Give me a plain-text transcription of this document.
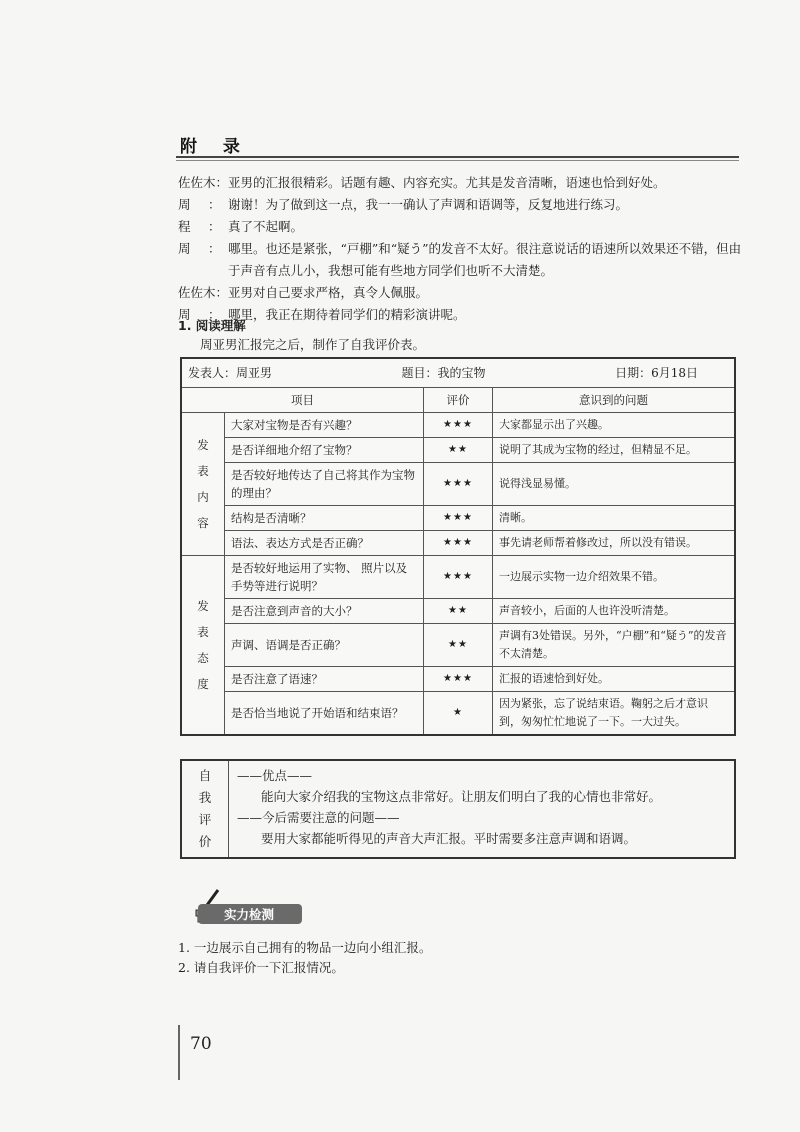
附 录
佐佐木 ： 亚男的汇报很精彩。话题有趣、内容充实。尤其是发音清晰，语速也恰到好处。
周	： 谢谢！为了做到这一点，我一一确认了声调和语调等，反复地进行练习。
程	： 真了不起啊。
周	： 哪里。也还是紧张，“戸棚”和“疑う”的发音不太好。很注意说话的语速所以效果还不错，但由于声音有点儿小，我想可能有些地方同学们也听不大清楚。
佐佐木 ： 亚男对自己要求严格，真令人佩服。
周	： 哪里，我正在期待着同学们的精彩演讲呢。
1. 阅读理解
周亚男汇报完之后，制作了自我评价表。
发表人：周亚男 题目：我的宝物 日期：6月18日			

项目		评价	意识到的问题

发
表
内
容	大家对宝物是否有兴趣？	★★★	大家都显示出了兴趣。
	是否详细地介绍了宝物？	★★	说明了其成为宝物的经过，但精显不足。
	是否较好地传达了自己将其作为宝物的理由？	★★★	说得浅显易懂。
	结构是否清晰？	★★★	清晰。
	语法、表达方式是否正确？	★★★	事先请老师帮着修改过，所以没有错误。

发
表
态
度	是否较好地运用了实物、 照片以及手势等进行说明？	★★★	一边展示实物一边介绍效果不错。
	是否注意到声音的大小？	★★	声音较小，后面的人也许没听清楚。
	声调、语调是否正确？	★★	声调有3处错误。另外，“户棚”和“疑う”的发音不太清楚。
	是否注意了语速？	★★★	汇报的语速恰到好处。
	是否恰当地说了开始语和结束语？	★	因为紧张，忘了说结束语。鞠躬之后才意识到，匆匆忙忙地说了一下。一大过失。
自
我
评
价

——优点——
能向大家介绍我的宝物这点非常好。让朋友们明白了我的心情也非常好。
——今后需要注意的问题——
要用大家都能听得见的声音大声汇报。平时需要多注意声调和语调。
实力检测
1. 一边展示自己拥有的物品一边向小组汇报。
2. 请自我评价一下汇报情况。
70
